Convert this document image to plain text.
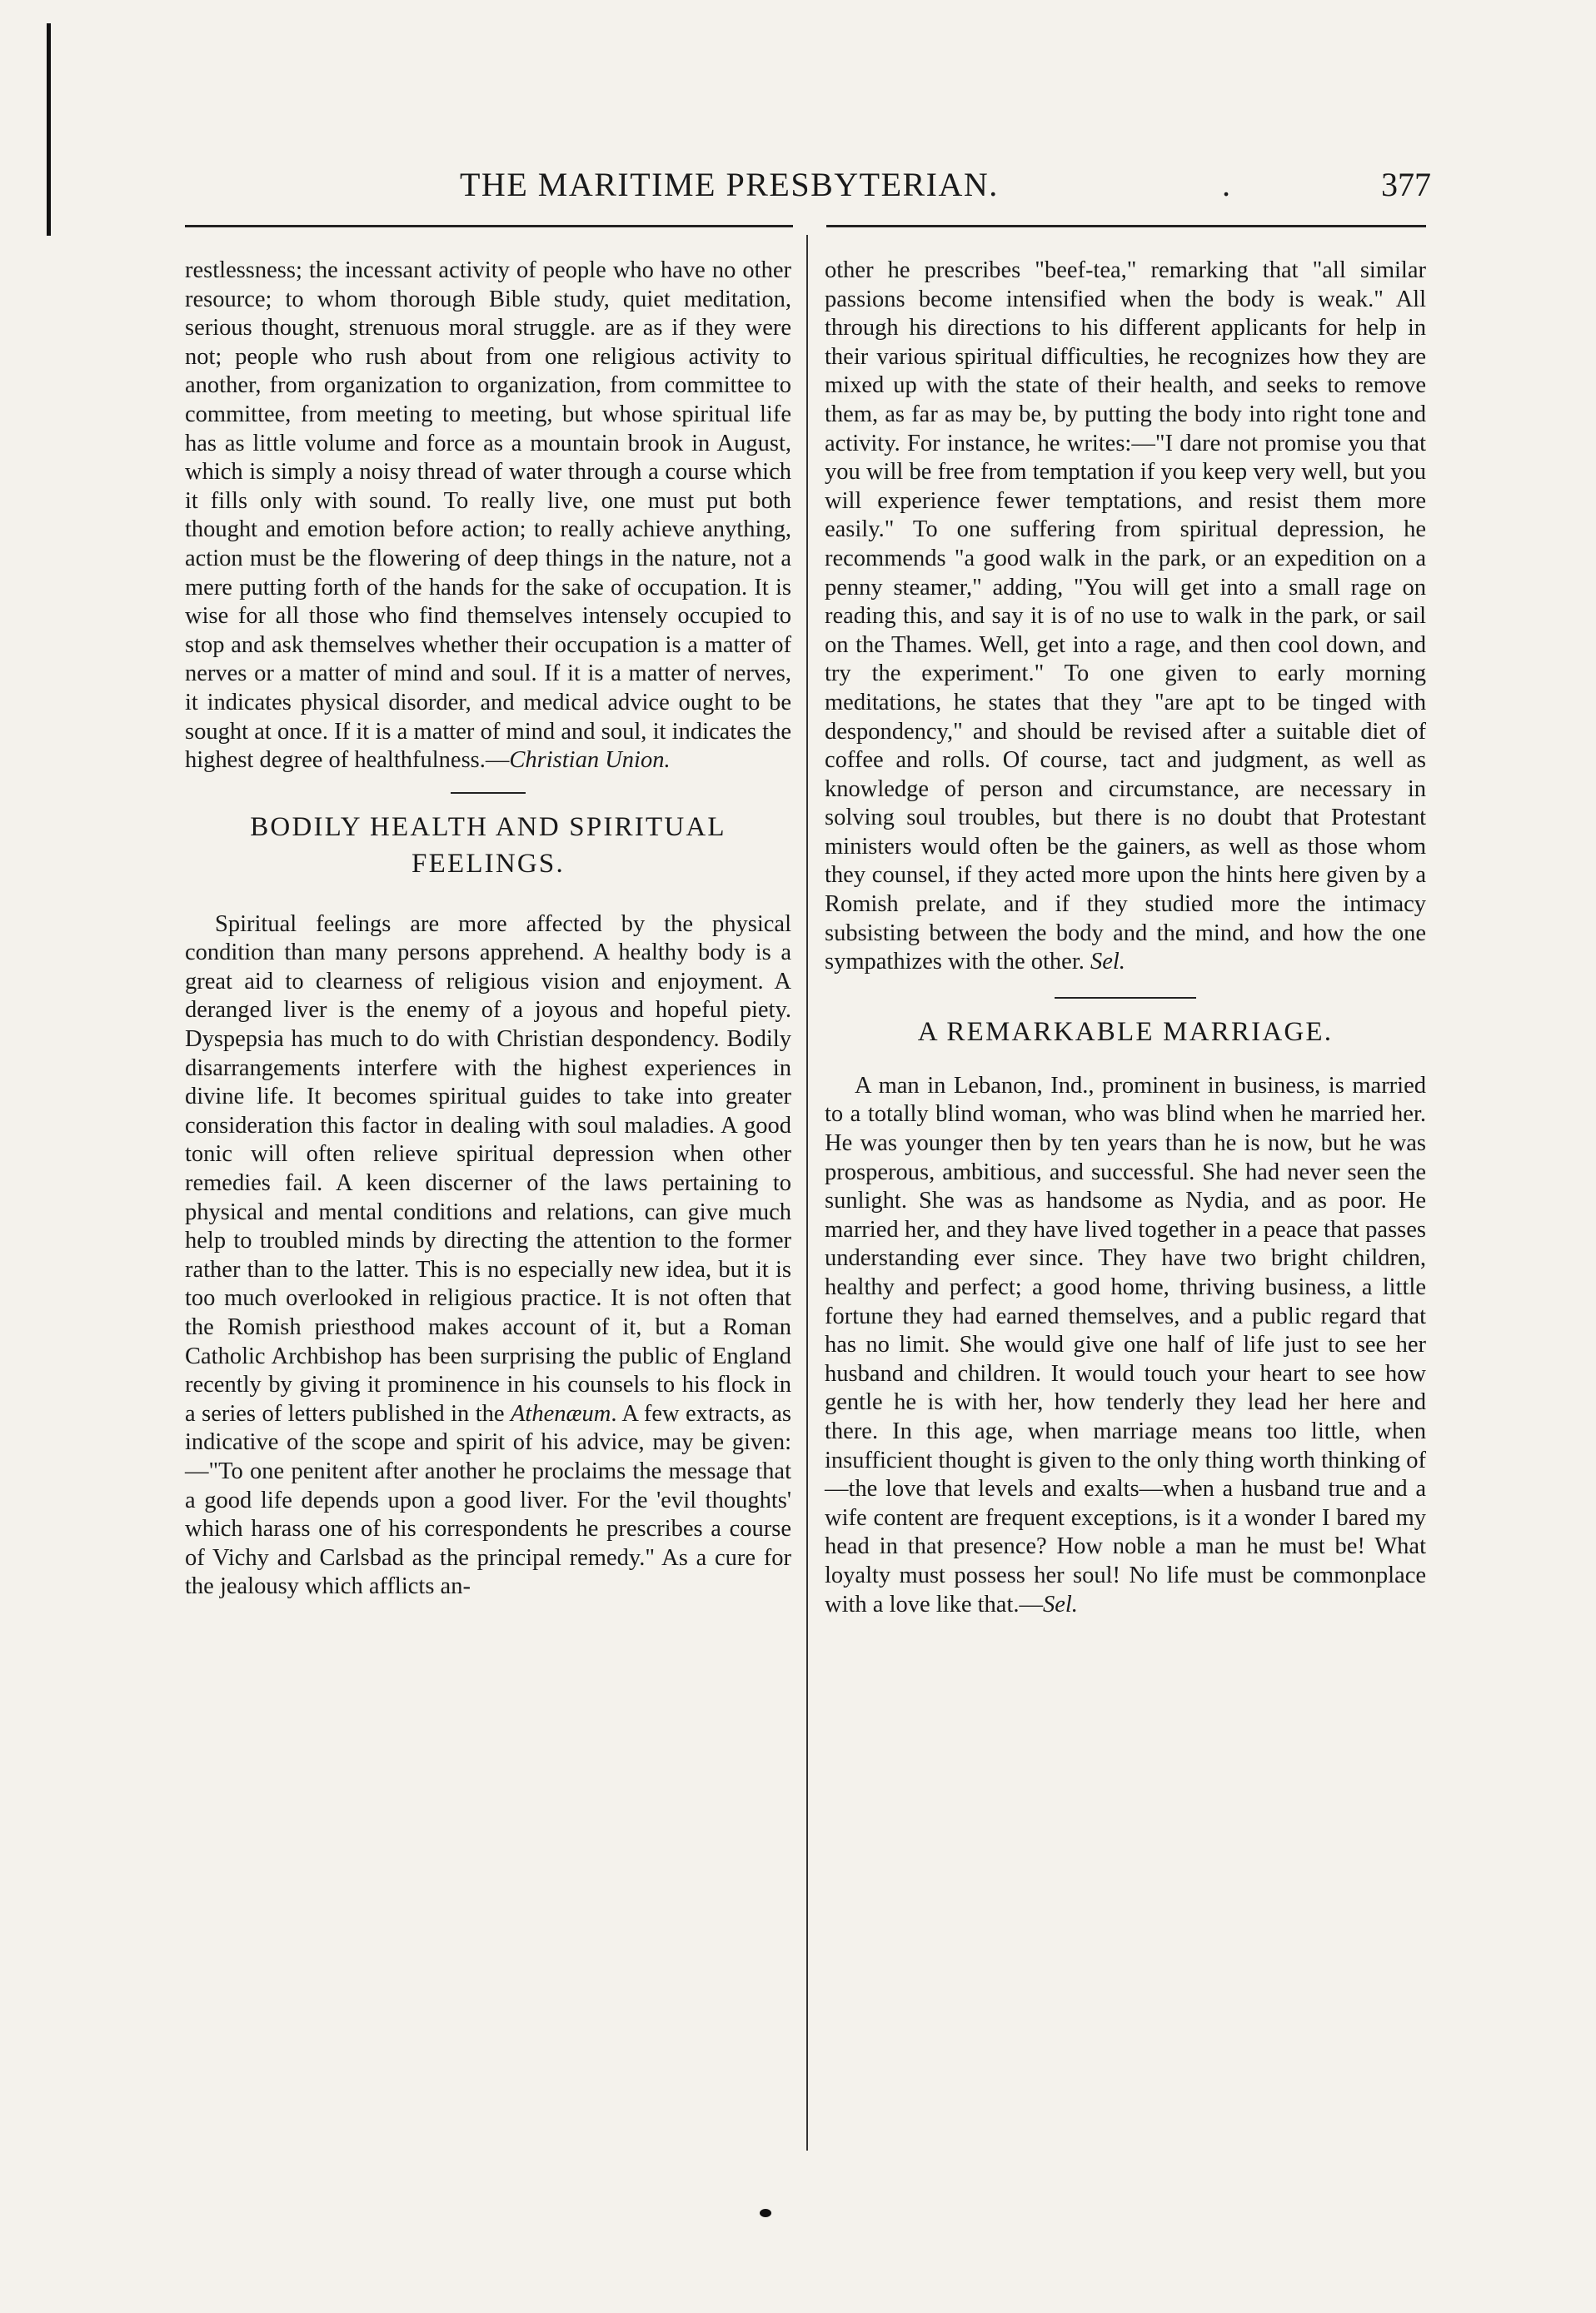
THE MARITIME PRESBYTERIAN.	.	377

restlessness; the incessant activity of people who have no other resource; to whom thorough Bible study, quiet meditation, serious thought, strenuous moral struggle. are as if they were not; people who rush about from one religious activity to another, from organization to organization, from committee to committee, from meeting to meeting, but whose spiritual life has as little volume and force as a mountain brook in August, which is simply a noisy thread of water through a course which it fills only with sound. To really live, one must put both thought and emotion before action; to really achieve anything, action must be the flowering of deep things in the nature, not a mere putting forth of the hands for the sake of occupation. It is wise for all those who find themselves intensely occupied to stop and ask themselves whether their occupation is a matter of nerves or a matter of mind and soul. If it is a matter of nerves, it indicates physical disorder, and medical advice ought to be sought at once. If it is a matter of mind and soul, it indicates the highest degree of healthfulness.—Christian Union.

BODILY HEALTH AND SPIRITUAL
FEELINGS.

Spiritual feelings are more affected by the physical condition than many persons apprehend. A healthy body is a great aid to clearness of religious vision and enjoyment. A deranged liver is the enemy of a joyous and hopeful piety. Dyspepsia has much to do with Christian despondency. Bodily disarrangements interfere with the highest experiences in divine life. It becomes spiritual guides to take into greater consideration this factor in dealing with soul maladies. A good tonic will often relieve spiritual depression when other remedies fail. A keen discerner of the laws pertaining to physical and mental conditions and relations, can give much help to troubled minds by directing the attention to the former rather than to the latter. This is no especially new idea, but it is too much overlooked in religious practice. It is not often that the Romish priesthood makes account of it, but a Roman Catholic Archbishop has been surprising the public of England recently by giving it prominence in his counsels to his flock in a series of letters published in the Athenæum. A few extracts, as indicative of the scope and spirit of his advice, may be given:—"To one penitent after another he proclaims the message that a good life depends upon a good liver. For the 'evil thoughts' which harass one of his correspondents he prescribes a course of Vichy and Carlsbad as the principal remedy." As a cure for the jealousy which afflicts an-

other he prescribes "beef-tea," remarking that "all similar passions become intensified when the body is weak." All through his directions to his different applicants for help in their various spiritual difficulties, he recognizes how they are mixed up with the state of their health, and seeks to remove them, as far as may be, by putting the body into right tone and activity. For instance, he writes:—"I dare not promise you that you will be free from temptation if you keep very well, but you will experience fewer temptations, and resist them more easily." To one suffering from spiritual depression, he recommends "a good walk in the park, or an expedition on a penny steamer," adding, "You will get into a small rage on reading this, and say it is of no use to walk in the park, or sail on the Thames. Well, get into a rage, and then cool down, and try the experiment." To one given to early morning meditations, he states that they "are apt to be tinged with despondency," and should be revised after a suitable diet of coffee and rolls. Of course, tact and judgment, as well as knowledge of person and circumstance, are necessary in solving soul troubles, but there is no doubt that Protestant ministers would often be the gainers, as well as those whom they counsel, if they acted more upon the hints here given by a Romish prelate, and if they studied more the intimacy subsisting between the body and the mind, and how the one sympathizes with the other. Sel.

A REMARKABLE MARRIAGE.

A man in Lebanon, Ind., prominent in business, is married to a totally blind woman, who was blind when he married her. He was younger then by ten years than he is now, but he was prosperous, ambitious, and successful. She had never seen the sunlight. She was as handsome as Nydia, and as poor. He married her, and they have lived together in a peace that passes understanding ever since. They have two bright children, healthy and perfect; a good home, thriving business, a little fortune they had earned themselves, and a public regard that has no limit. She would give one half of life just to see her husband and children. It would touch your heart to see how gentle he is with her, how tenderly they lead her here and there. In this age, when marriage means too little, when insufficient thought is given to the only thing worth thinking of—the love that levels and exalts—when a husband true and a wife content are frequent exceptions, is it a wonder I bared my head in that presence? How noble a man he must be! What loyalty must possess her soul! No life must be commonplace with a love like that.—Sel.
